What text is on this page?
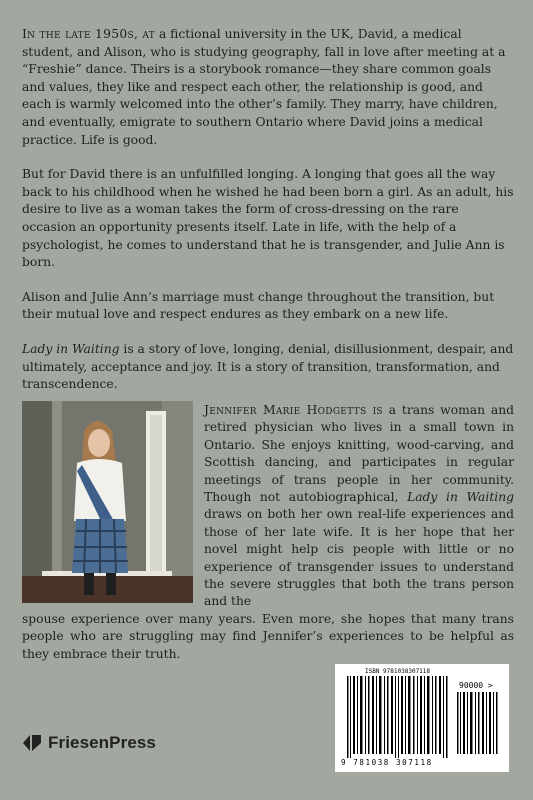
In the late 1950s, at a fictional university in the UK, David, a medical student, and Alison, who is studying geography, fall in love after meeting at a “Freshie” dance. Theirs is a storybook romance—they share common goals and values, they like and respect each other, the relationship is good, and each is warmly welcomed into the other’s family. They marry, have children, and eventually, emigrate to southern Ontario where David joins a medical practice. Life is good.

But for David there is an unfulfilled longing. A longing that goes all the way back to his childhood when he wished he had been born a girl. As an adult, his desire to live as a woman takes the form of cross-dressing on the rare occasion an opportunity presents itself. Late in life, with the help of a psychologist, he comes to understand that he is transgender, and Julie Ann is born.

Alison and Julie Ann’s marriage must change throughout the transition, but their mutual love and respect endures as they embark on a new life.

Lady in Waiting is a story of love, longing, denial, disillusionment, despair, and ultimately, acceptance and joy. It is a story of transition, transformation, and transcendence.

Jennifer Marie Hodgetts is a trans woman and retired physician who lives in a small town in Ontario. She enjoys knitting, wood-carving, and Scottish dancing, and participates in regular meetings of trans people in her community. Though not autobiographical, Lady in Waiting draws on both her own real-life experiences and those of her late wife. It is her hope that her novel might help cis people with little or no experience of transgender issues to understand the severe struggles that both the trans person and the
spouse experience over many years. Even more, she hopes that many trans people who are struggling may find Jennifer’s experiences to be helpful as they embrace their truth.
FriesenPress
ISBN 9781038307118
90000 >
9 781038 307118
